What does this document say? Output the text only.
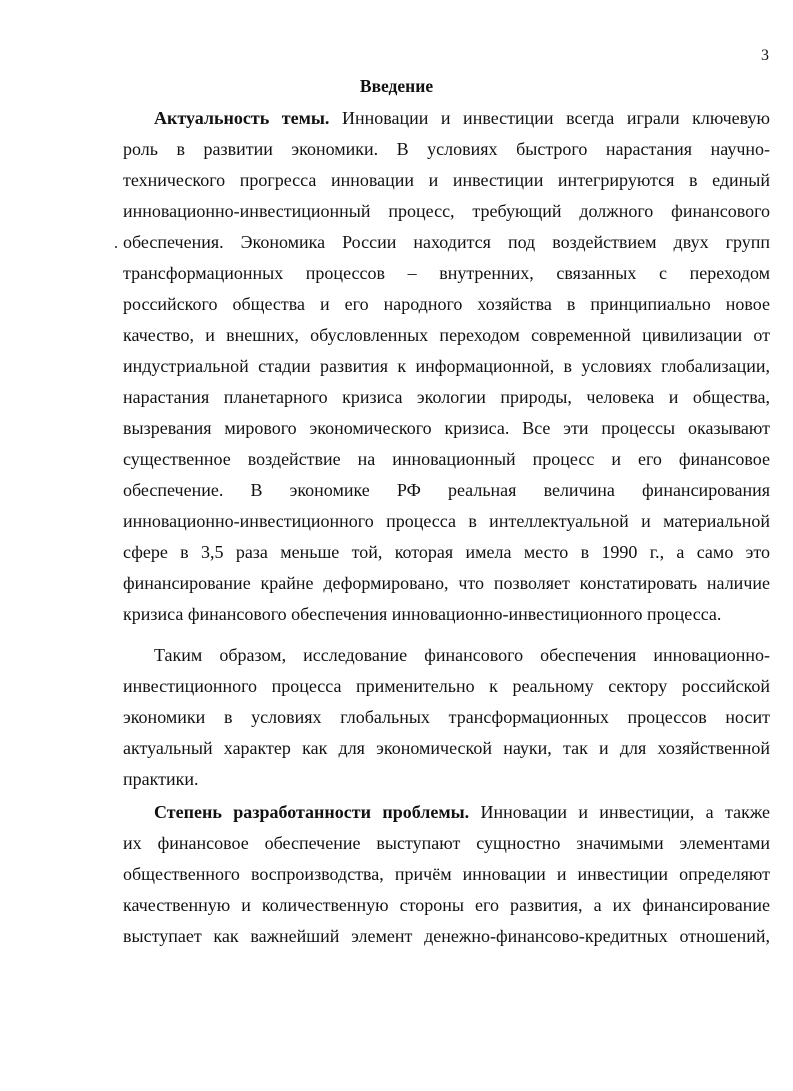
3
Введение
Актуальность темы. Инновации и инвестиции всегда играли ключевую
роль в развитии экономики. В условиях быстрого нарастания научно-
технического прогресса инновации и инвестиции интегрируются в единый
инновационно-инвестиционный процесс, требующий должного финансового
обеспечения. Экономика России находится под воздействием двух групп
трансформационных процессов – внутренних, связанных с переходом
российского общества и его народного хозяйства в принципиально новое
качество, и внешних, обусловленных переходом современной цивилизации от
индустриальной стадии развития к информационной, в условиях глобализации,
нарастания планетарного кризиса экологии природы, человека и общества,
вызревания мирового экономического кризиса. Все эти процессы оказывают
существенное воздействие на инновационный процесс и его финансовое
обеспечение. В экономике РФ реальная величина финансирования
инновационно-инвестиционного процесса в интеллектуальной и материальной
сфере в 3,5 раза меньше той, которая имела место в 1990 г., а само это
финансирование крайне деформировано, что позволяет констатировать наличие
кризиса финансового обеспечения инновационно-инвестиционного процесса.
Таким образом, исследование финансового обеспечения инновационно-
инвестиционного процесса применительно к реальному сектору российской
экономики в условиях глобальных трансформационных процессов носит
актуальный характер как для экономической науки, так и для хозяйственной
практики.
Степень разработанности проблемы. Инновации и инвестиции, а также
их финансовое обеспечение выступают сущностно значимыми элементами
общественного воспроизводства, причём инновации и инвестиции определяют
качественную и количественную стороны его развития, а их финансирование
выступает как важнейший элемент денежно-финансово-кредитных отношений,
